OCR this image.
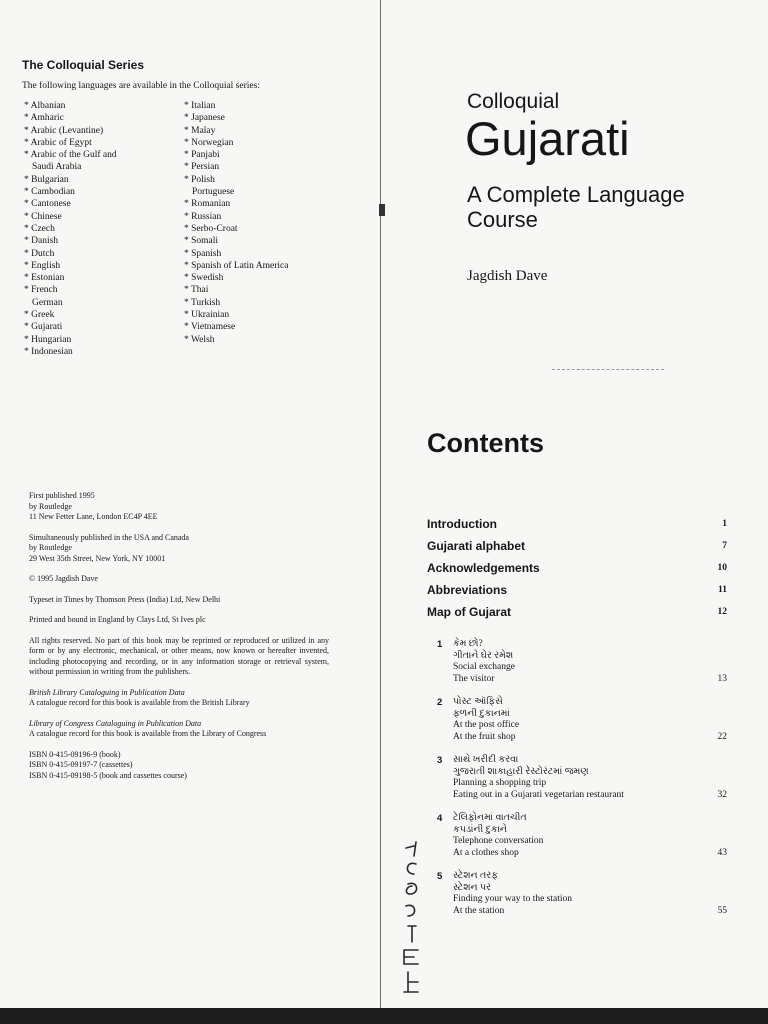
The Colloquial Series
The following languages are available in the Colloquial series:
* Albanian
* Amharic
* Arabic (Levantine)
* Arabic of Egypt
* Arabic of the Gulf and
Saudi Arabia
* Bulgarian
* Cambodian
* Cantonese
* Chinese
* Czech
* Danish
* Dutch
* English
* Estonian
* French
German
* Greek
* Gujarati
* Hungarian
* Indonesian
* Italian
* Japanese
* Malay
* Norwegian
* Panjabi
* Persian
* Polish
Portuguese
* Romanian
* Russian
* Serbo-Croat
* Somali
* Spanish
* Spanish of Latin America
* Swedish
* Thai
* Turkish
* Ukrainian
* Vietnamese
* Welsh
Colloquial
Gujarati
A Complete Language
Course
Jagdish Dave
First published 1995
by Routledge
11 New Fetter Lane, London EC4P 4EE
Simultaneously published in the USA and Canada
by Routledge
29 West 35th Street, New York, NY 10001
© 1995 Jagdish Dave
Typeset in Times by Thomson Press (India) Ltd, New Delhi
Printed and bound in England by Clays Ltd, St Ives plc
All rights reserved. No part of this book may be reprinted or reproduced or utilized in any form or by any electronic, mechanical, or other means, now known or hereafter invented, including photocopying and recording, or in any information storage or retrieval system, without permission in writing from the publishers.
British Library Cataloguing in Publication Data
A catalogue record for this book is available from the British Library
Library of Congress Cataloguing in Publication Data
A catalogue record for this book is available from the Library of Congress
ISBN 0-415-09196-9 (book)
ISBN 0-415-09197-7 (cassettes)
ISBN 0-415-09198-5 (book and cassettes course)
Contents
Introduction	1
Gujarati alphabet	7
Acknowledgements	10
Abbreviations	11
Map of Gujarat	12
1 કેમ છો?
ગીતાને ઘેર રમેશ
Social exchange
The visitor	13
2 પોસ્ટ ઑફિસે
ફળની દુકાનમાં
At the post office
At the fruit shop	22
3 સાથે ખરીદી કરવા
ગુજરાતી શાકાહારી રેસ્ટોરંટમાં જમણ
Planning a shopping trip
Eating out in a Gujarati vegetarian restaurant	32
4 ટેલિફોનમાં વાતચીત
કપડાંની દુકાને
Telephone conversation
At a clothes shop	43
5 સ્ટેશન તરફ
સ્ટેશન પર
Finding your way to the station
At the station	55
